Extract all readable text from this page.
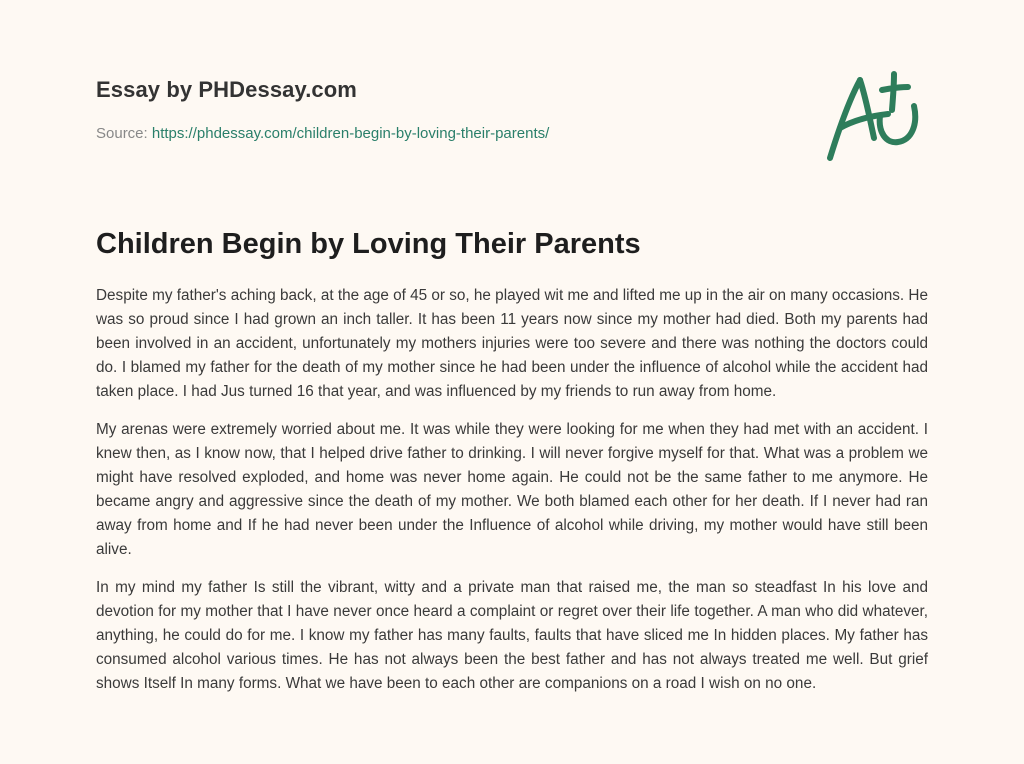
Essay by PHDessay.com
Source: https://phdessay.com/children-begin-by-loving-their-parents/
Children Begin by Loving Their Parents

Despite my father's aching back, at the age of 45 or so, he played wit me and lifted me up in the air on many occasions. He was so proud since I had grown an inch taller. It has been 11 years now since my mother had died. Both my parents had been involved in an accident, unfortunately my mothers injuries were too severe and there was nothing the doctors could do. I blamed my father for the death of my mother since he had been under the influence of alcohol while the accident had taken place. I had Jus turned 16 that year, and was influenced by my friends to run away from home.

My arenas were extremely worried about me. It was while they were looking for me when they had met with an accident. I knew then, as I know now, that I helped drive father to drinking. I will never forgive myself for that. What was a problem we might have resolved exploded, and home was never home again. He could not be the same father to me anymore. He became angry and aggressive since the death of my mother. We both blamed each other for her death. If I never had ran away from home and If he had never been under the Influence of alcohol while driving, my mother would have still been alive.

In my mind my father Is still the vibrant, witty and a private man that raised me, the man so steadfast In his love and devotion for my mother that I have never once heard a complaint or regret over their life together. A man who did whatever, anything, he could do for me. I know my father has many faults, faults that have sliced me In hidden places. My father has consumed alcohol various times. He has not always been the best father and has not always treated me well. But grief shows Itself In many forms. What we have been to each other are companions on a road I wish on no one.
